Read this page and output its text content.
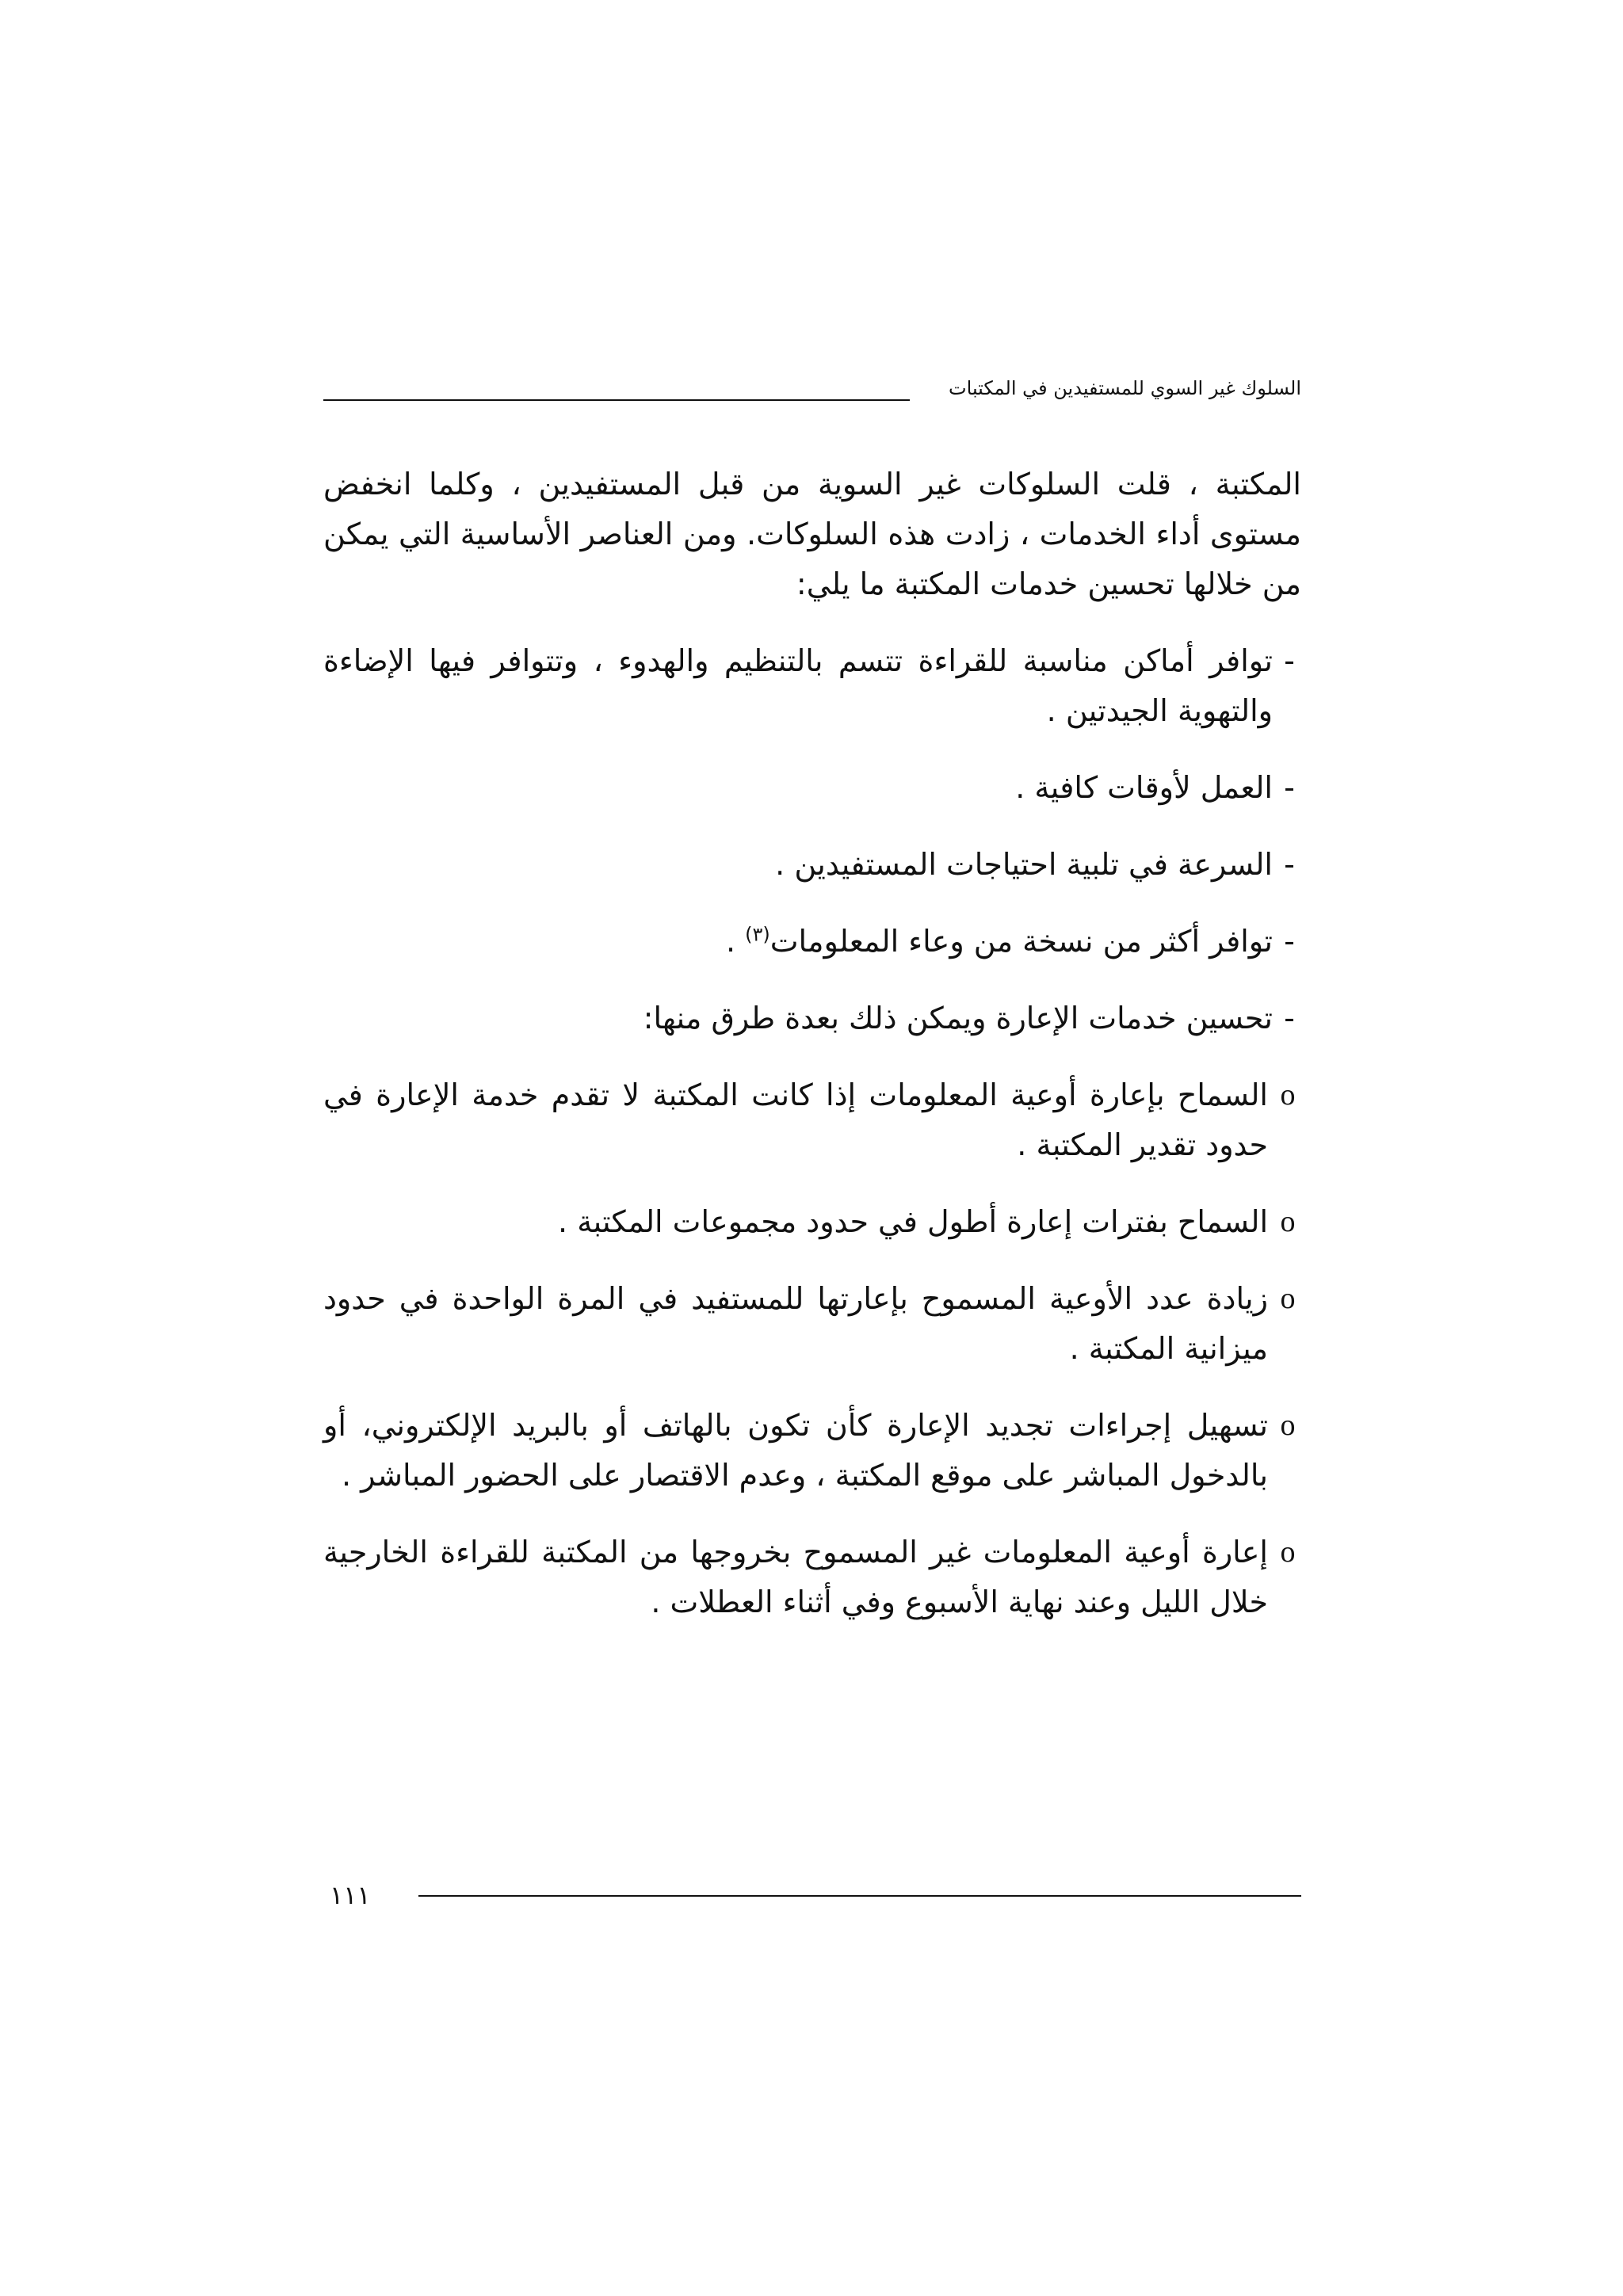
السلوك غير السوي للمستفيدين في المكتبات

المكتبة ، قلت السلوكات غير السوية من قبل المستفيدين ، وكلما انخفض مستوى أداء الخدمات ، زادت هذه السلوكات. ومن العناصر الأساسية التي يمكن من خلالها تحسين خدمات المكتبة ما يلي:

-
توافر أماكن مناسبة للقراءة تتسم بالتنظيم والهدوء ، وتتوافر فيها الإضاءة والتهوية الجيدتين .
-
العمل لأوقات كافية .
-
السرعة في تلبية احتياجات المستفيدين .
-
توافر أكثر من نسخة من وعاء المعلومات$^{(٣)}$ .
-
تحسين خدمات الإعارة ويمكن ذلك بعدة طرق منها:
o
السماح بإعارة أوعية المعلومات إذا كانت المكتبة لا تقدم خدمة الإعارة في حدود تقدير المكتبة .
o
السماح بفترات إعارة أطول في حدود مجموعات المكتبة .
o
زيادة عدد الأوعية المسموح بإعارتها للمستفيد في المرة الواحدة في حدود ميزانية المكتبة .
o
تسهيل إجراءات تجديد الإعارة كأن تكون بالهاتف أو بالبريد الإلكتروني، أو بالدخول المباشر على موقع المكتبة ، وعدم الاقتصار على الحضور المباشر .
o
إعارة أوعية المعلومات غير المسموح بخروجها من المكتبة للقراءة الخارجية خلال الليل وعند نهاية الأسبوع وفي أثناء العطلات .
١١١
